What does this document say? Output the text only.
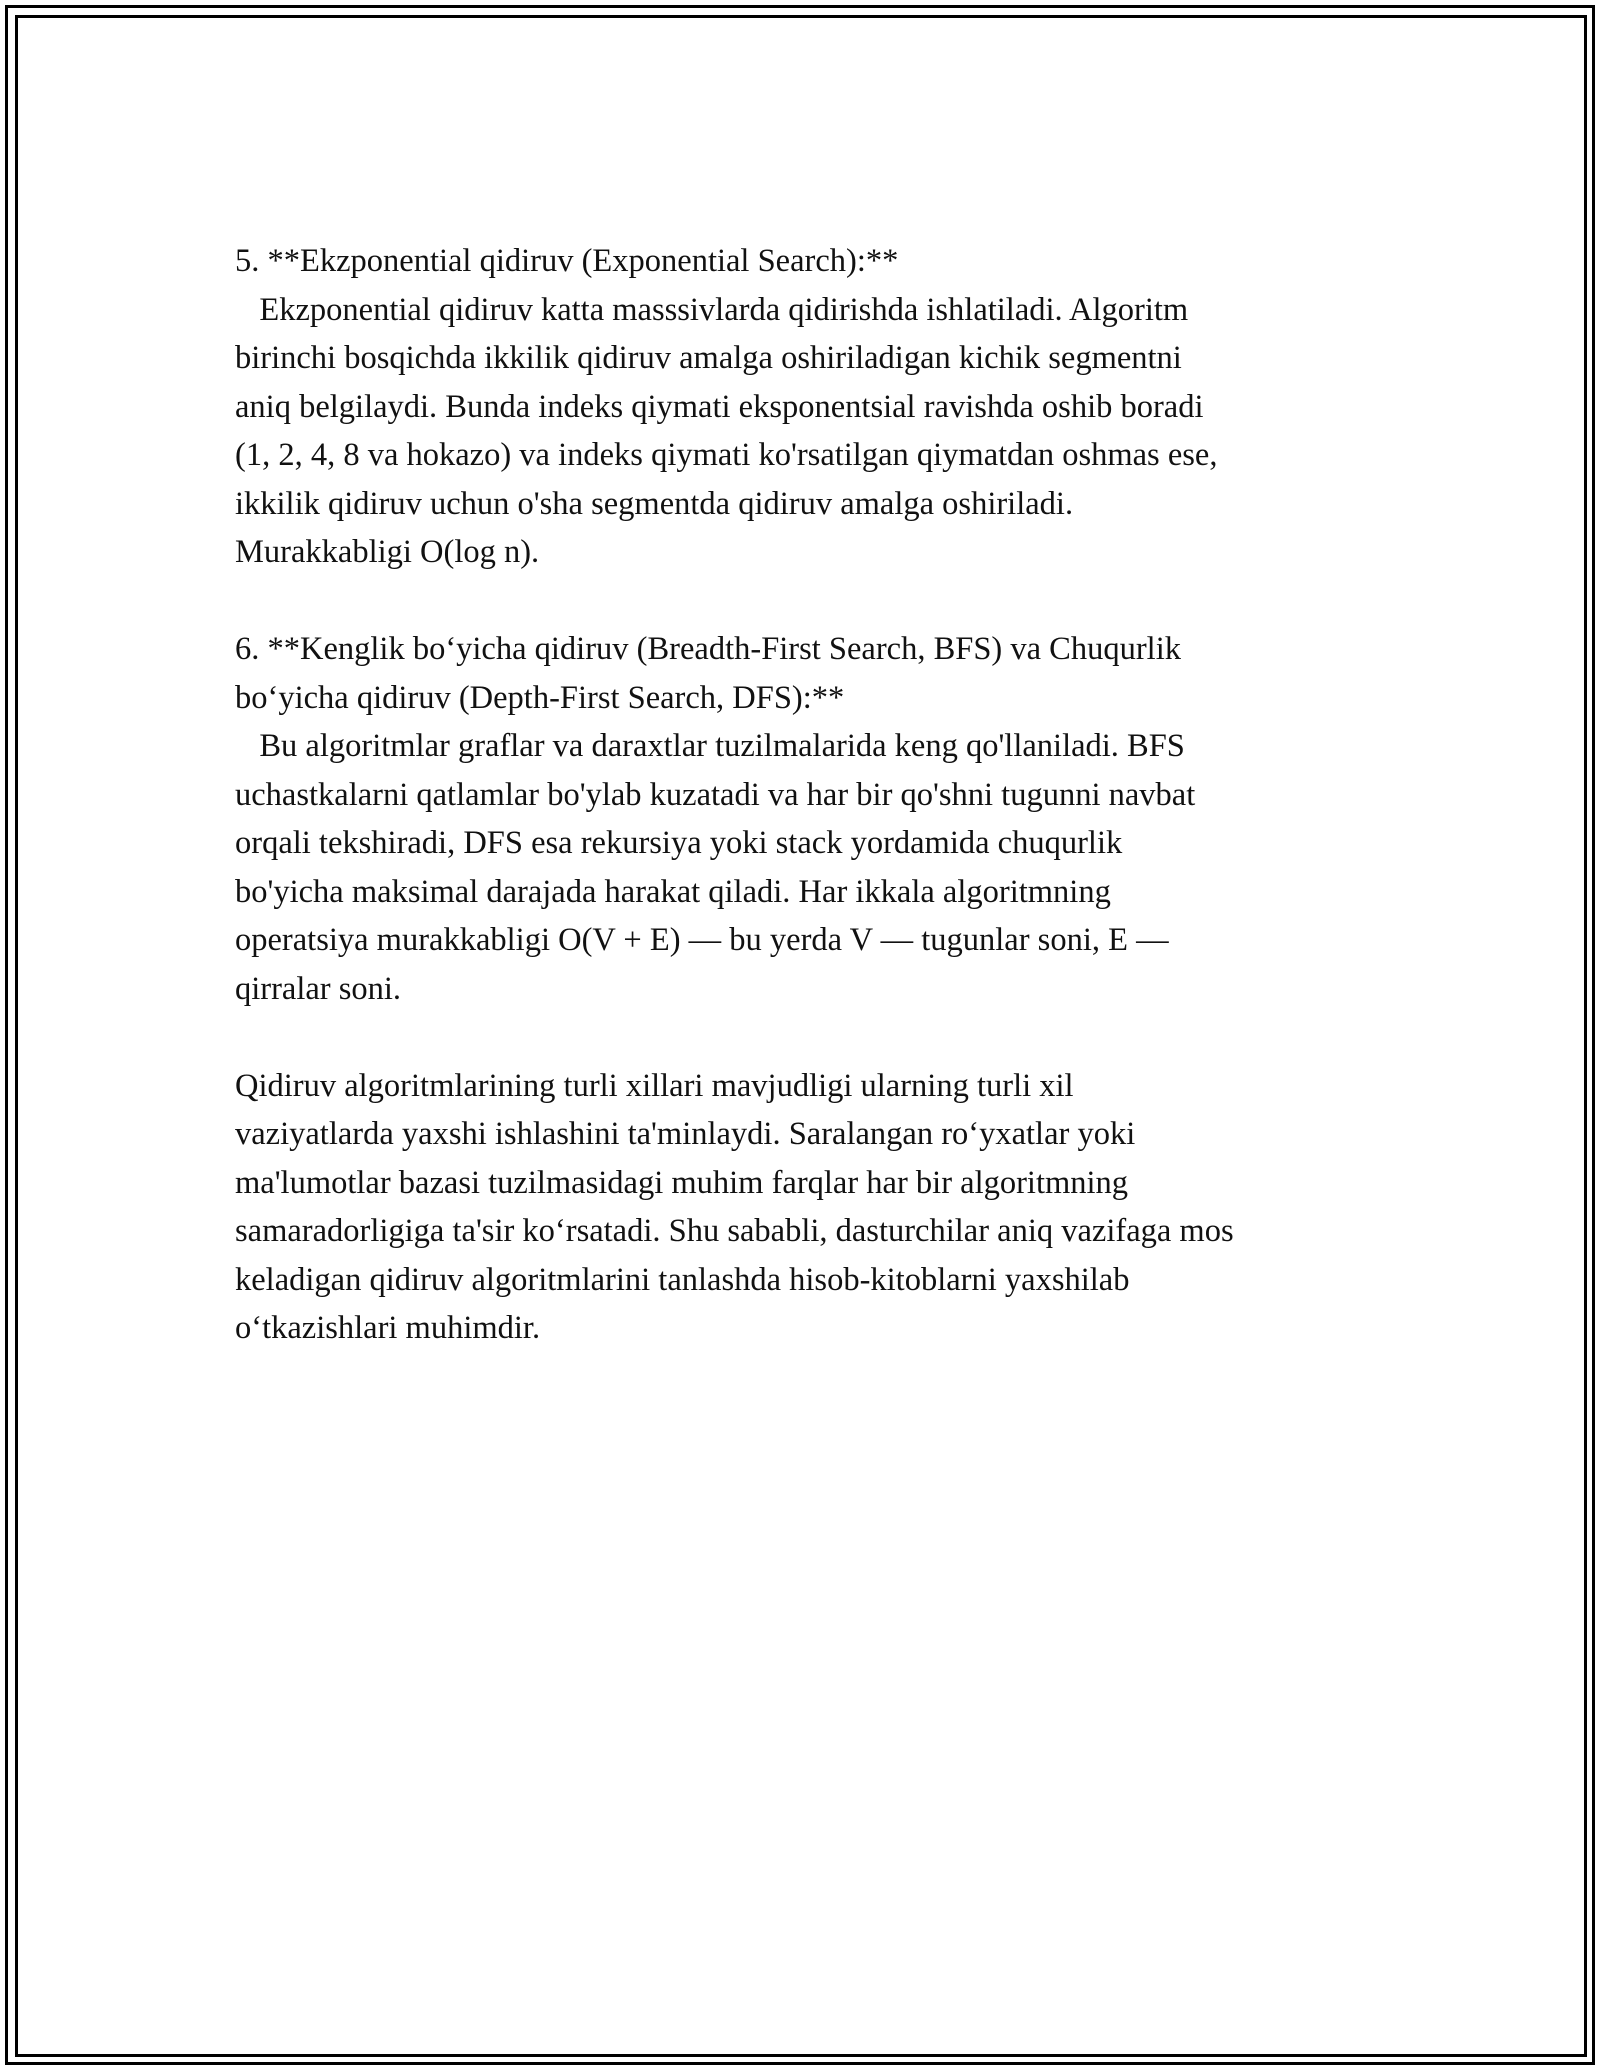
5. **Ekzponential qidiruv (Exponential Search):**
Ekzponential qidiruv katta masssivlarda qidirishda ishlatiladi. Algoritm
birinchi bosqichda ikkilik qidiruv amalga oshiriladigan kichik segmentni
aniq belgilaydi. Bunda indeks qiymati eksponentsial ravishda oshib boradi
(1, 2, 4, 8 va hokazo) va indeks qiymati ko'rsatilgan qiymatdan oshmas ese,
ikkilik qidiruv uchun o'sha segmentda qidiruv amalga oshiriladi.
Murakkabligi O(log n).
6. **Kenglik bo‘yicha qidiruv (Breadth-First Search, BFS) va Chuqurlik
bo‘yicha qidiruv (Depth-First Search, DFS):**
Bu algoritmlar graflar va daraxtlar tuzilmalarida keng qo'llaniladi. BFS
uchastkalarni qatlamlar bo'ylab kuzatadi va har bir qo'shni tugunni navbat
orqali tekshiradi, DFS esa rekursiya yoki stack yordamida chuqurlik
bo'yicha maksimal darajada harakat qiladi. Har ikkala algoritmning
operatsiya murakkabligi O(V + E) — bu yerda V — tugunlar soni, E —
qirralar soni.
Qidiruv algoritmlarining turli xillari mavjudligi ularning turli xil
vaziyatlarda yaxshi ishlashini ta'minlaydi. Saralangan ro‘yxatlar yoki
ma'lumotlar bazasi tuzilmasidagi muhim farqlar har bir algoritmning
samaradorligiga ta'sir ko‘rsatadi. Shu sababli, dasturchilar aniq vazifaga mos
keladigan qidiruv algoritmlarini tanlashda hisob-kitoblarni yaxshilab
o‘tkazishlari muhimdir.
